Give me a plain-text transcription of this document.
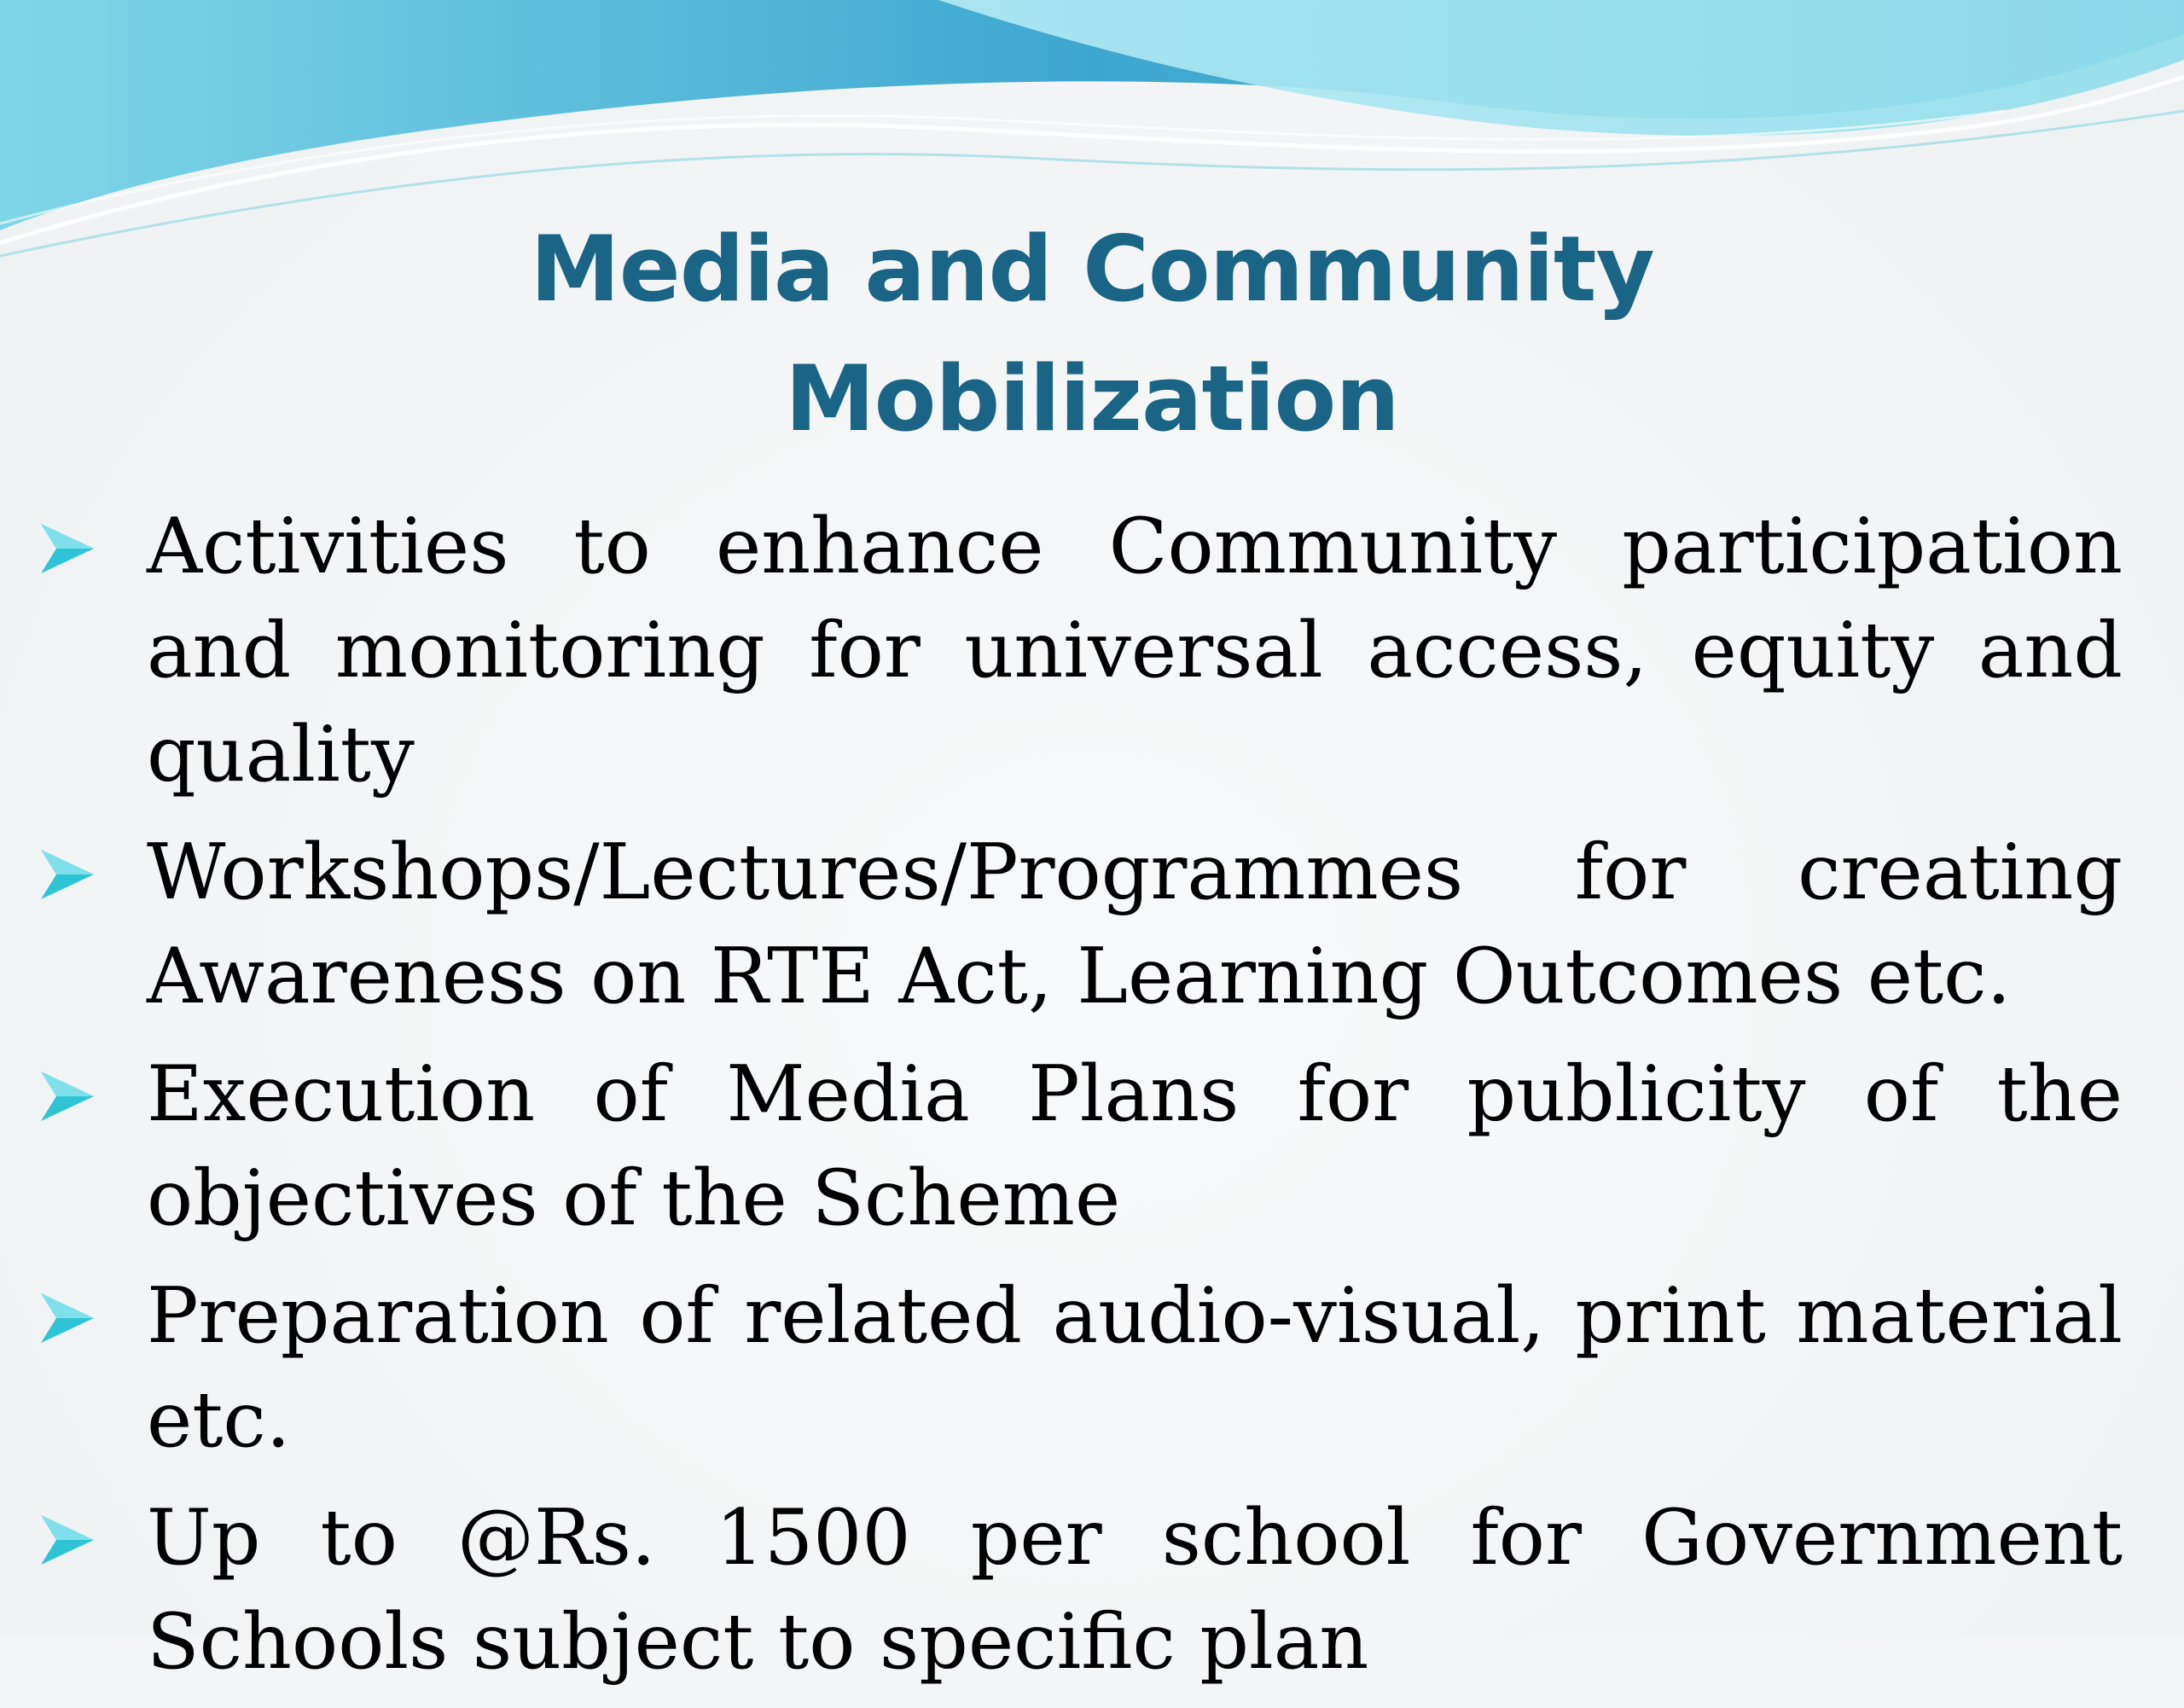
Media and Community
Mobilization
Activities to enhance Community participation and monitoring for universal access, equity and quality
Workshops/Lectures/Programmes for creating Awareness on RTE Act, Learning Outcomes etc.
Execution of Media Plans for publicity of the objectives of the Scheme
Preparation of related audio-visual, print material etc.
Up to @Rs. 1500 per school for Government Schools subject to specific plan
